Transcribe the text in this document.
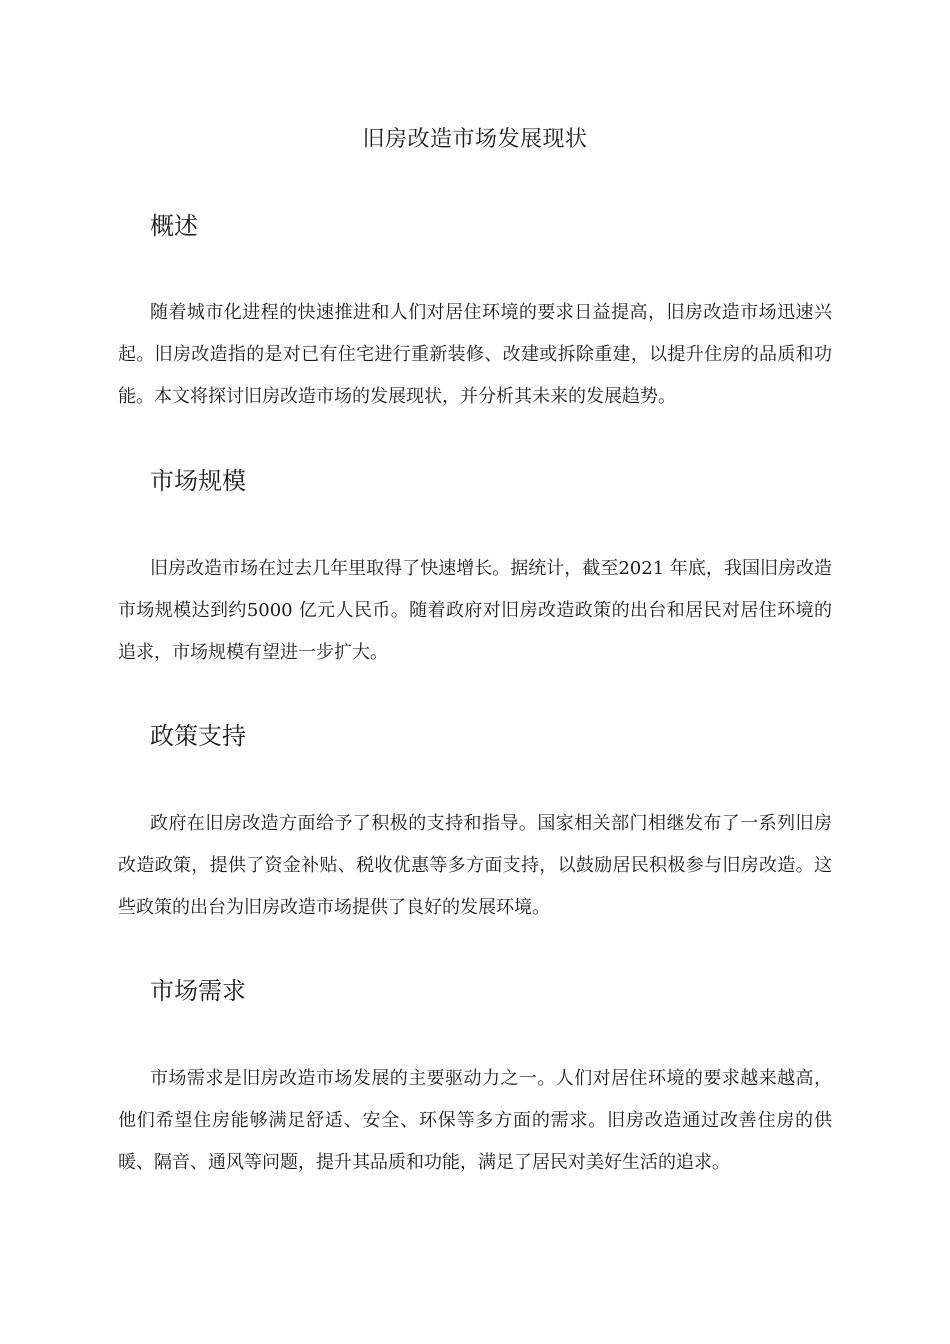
旧房改造市场发展现状
概述

随着城市化进程的快速推进和人们对居住环境的要求日益提高，旧房改造市场迅速兴起。旧房改造指的是对已有住宅进行重新装修、改建或拆除重建，以提升住房的品质和功能。本文将探讨旧房改造市场的发展现状，并分析其未来的发展趋势。

市场规模

旧房改造市场在过去几年里取得了快速增长。据统计，截至2021 年底，我国旧房改造市场规模达到约5000 亿元人民币。随着政府对旧房改造政策的出台和居民对居住环境的追求，市场规模有望进一步扩大。

政策支持

政府在旧房改造方面给予了积极的支持和指导。国家相关部门相继发布了一系列旧房改造政策，提供了资金补贴、税收优惠等多方面支持，以鼓励居民积极参与旧房改造。这些政策的出台为旧房改造市场提供了良好的发展环境。

市场需求

市场需求是旧房改造市场发展的主要驱动力之一。人们对居住环境的要求越来越高，他们希望住房能够满足舒适、安全、环保等多方面的需求。旧房改造通过改善住房的供暖、隔音、通风等问题，提升其品质和功能，满足了居民对美好生活的追求。
